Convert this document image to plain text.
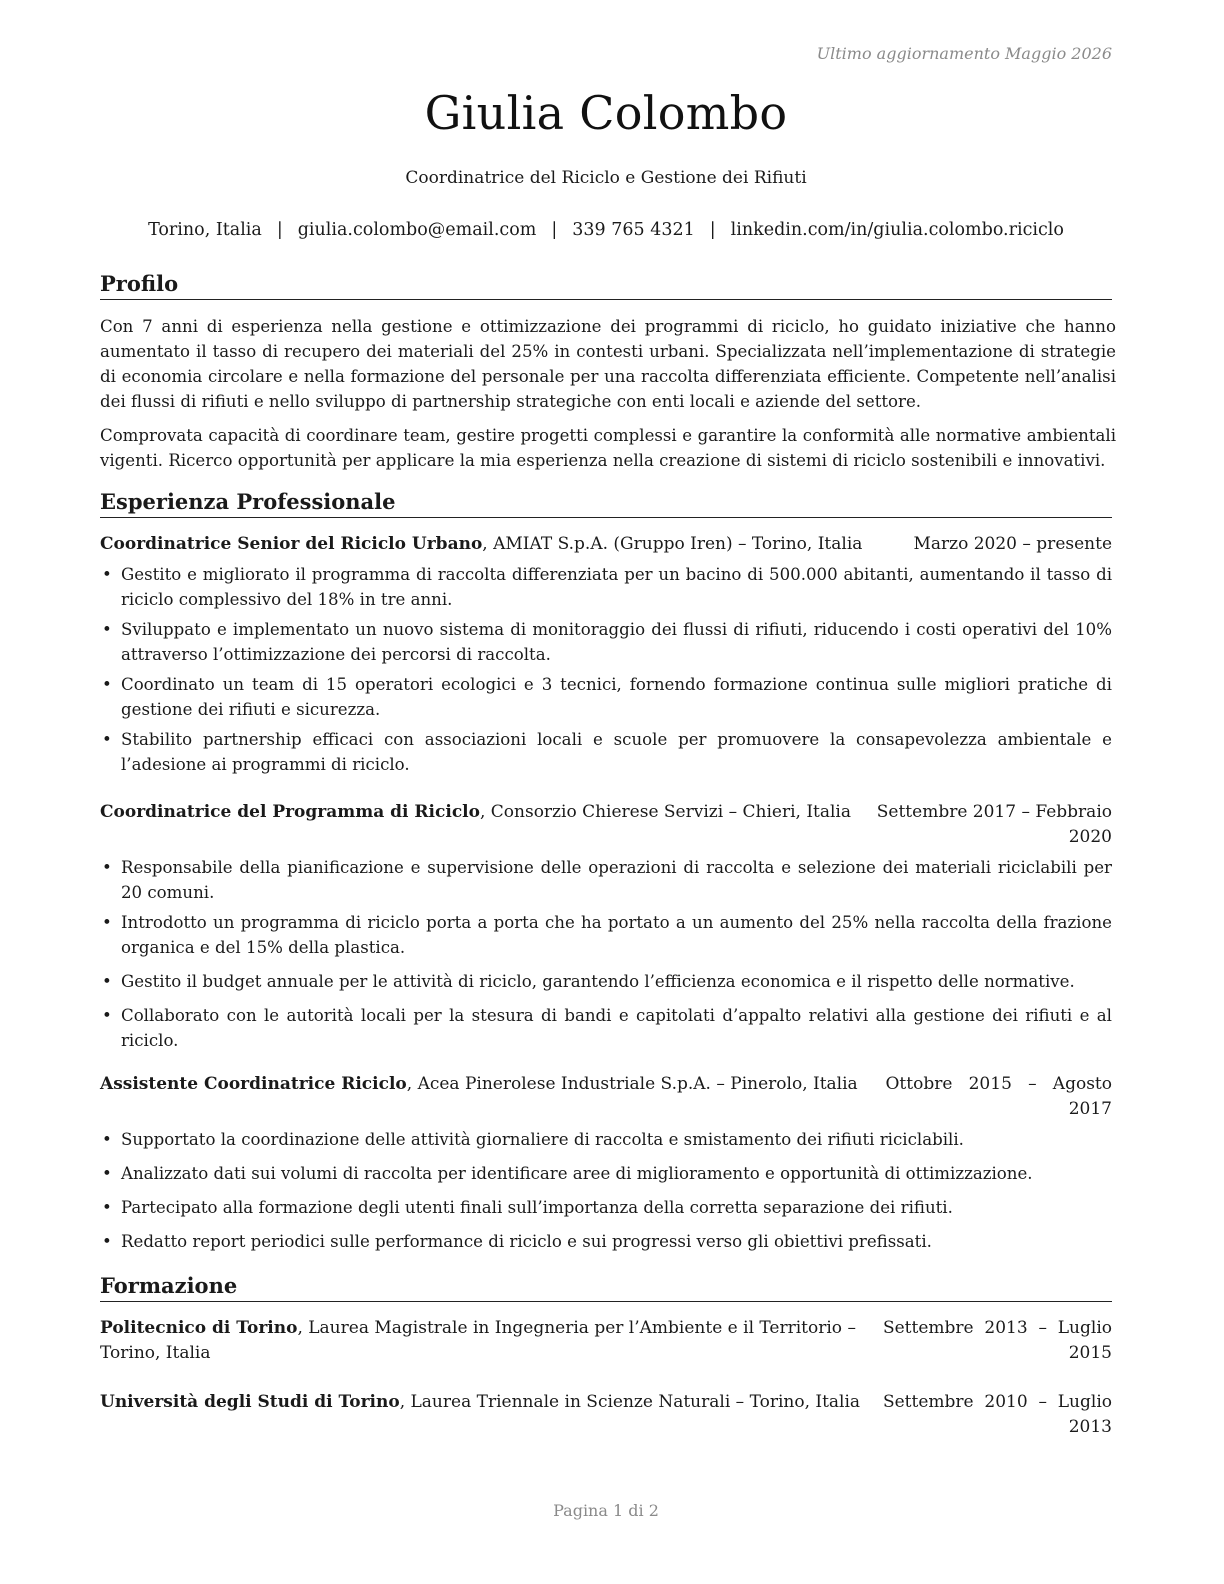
Ultimo aggiornamento Maggio 2026
Giulia Colombo
Coordinatrice del Riciclo e Gestione dei Rifiuti
Torino, Italia | giulia.colombo@email.com | 339 765 4321 | linkedin.com/in/giulia.colombo.riciclo
Profilo

Con 7 anni di esperienza nella gestione e ottimizzazione dei programmi di riciclo, ho guidato iniziative che hanno aumentato il tasso di recupero dei materiali del 25% in contesti urbani. Specializzata nell’implementazione di strategie di economia circolare e nella formazione del personale per una raccolta differenziata efficiente. Competente nell’analisi dei flussi di rifiuti e nello sviluppo di partnership strategiche con enti locali e aziende del settore.

Comprovata capacità di coordinare team, gestire progetti complessi e garantire la conformità alle normative ambientali vigenti. Ricerco opportunità per applicare la mia esperienza nella creazione di sistemi di riciclo sostenibili e innovativi.

Esperienza Professionale
Coordinatrice Senior del Riciclo Urbano, AMIAT S.p.A. (Gruppo Iren) – Torino, Italia	Marzo 2020 – presente
• Gestito e migliorato il programma di raccolta differenziata per un bacino di 500.000 abitanti, aumentando il tasso di riciclo complessivo del 18% in tre anni.
• Sviluppato e implementato un nuovo sistema di monitoraggio dei flussi di rifiuti, riducendo i costi operativi del 10% attraverso l’ottimizzazione dei percorsi di raccolta.
• Coordinato un team di 15 operatori ecologici e 3 tecnici, fornendo formazione continua sulle migliori pratiche di gestione dei rifiuti e sicurezza.
• Stabilito partnership efficaci con associazioni locali e scuole per promuovere la consapevolezza ambientale e l’adesione ai programmi di riciclo.
Coordinatrice del Programma di Riciclo, Consorzio Chierese Servizi – Chieri, Italia Settembre 2017 – Febbraio
2020
• Responsabile della pianificazione e supervisione delle operazioni di raccolta e selezione dei materiali riciclabili per 20 comuni.
• Introdotto un programma di riciclo porta a porta che ha portato a un aumento del 25% nella raccolta della frazione organica e del 15% della plastica.
• Gestito il budget annuale per le attività di riciclo, garantendo l’efficienza economica e il rispetto delle normative.
• Collaborato con le autorità locali per la stesura di bandi e capitolati d’appalto relativi alla gestione dei rifiuti e al riciclo.
Assistente Coordinatrice Riciclo, Acea Pinerolese Industriale S.p.A. – Pinerolo, Italia Ottobre   2015   –   Agosto
2017
• Supportato la coordinazione delle attività giornaliere di raccolta e smistamento dei rifiuti riciclabili.
• Analizzato dati sui volumi di raccolta per identificare aree di miglioramento e opportunità di ottimizzazione.
• Partecipato alla formazione degli utenti finali sull’importanza della corretta separazione dei rifiuti.
• Redatto report periodici sulle performance di riciclo e sui progressi verso gli obiettivi prefissati.
Formazione
Politecnico di Torino, Laurea Magistrale in Ingegneria per l’Ambiente e il Territorio –
Torino, Italia
Settembre  2013  –  Luglio
2015
Università degli Studi di Torino, Laurea Triennale in Scienze Naturali – Torino, Italia Settembre  2010  –  Luglio
2013
Pagina 1 di 2
